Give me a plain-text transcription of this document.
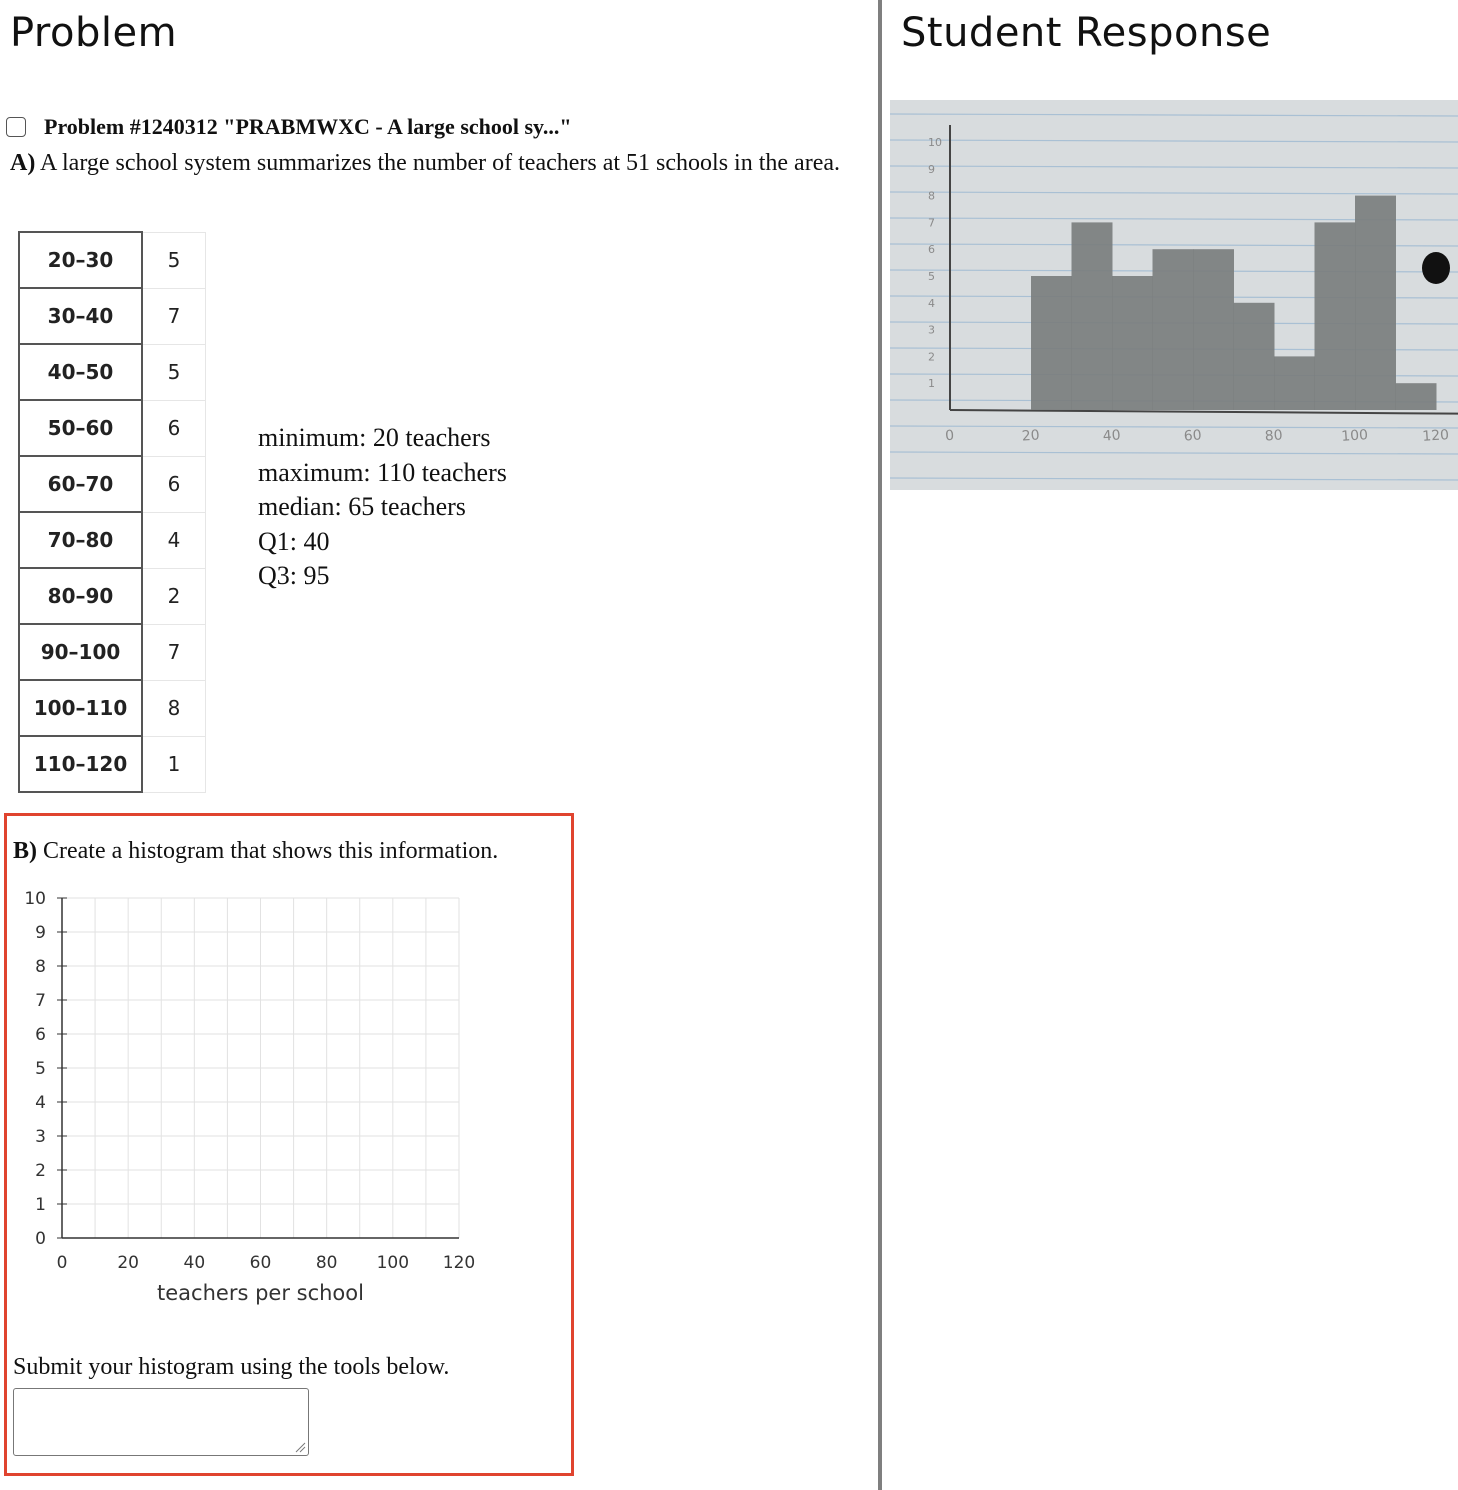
Problem
Problem #1240312 "PRABMWXC - A large school sy..."
A) A large school system summarizes the number of teachers at 51 schools in the area.
20–30	5
30–40	7
40–50	5
50–60	6
60–70	6
70–80	4
80–90	2
90–100	7
100–110	8
110–120	1
minimum: 20 teachers
maximum: 110 teachers
median: 65 teachers
Q1: 40
Q3: 95
0
1
2
3
4
5
6
7
8
9
10
0	20	40	60	80 100 120
teachers per school
B) Create a histogram that shows this information.
Submit your histogram using the tools below.
Student Response
1
2
3
4
5
6
7
8
9
10
0	20	40	60	80	100	120
